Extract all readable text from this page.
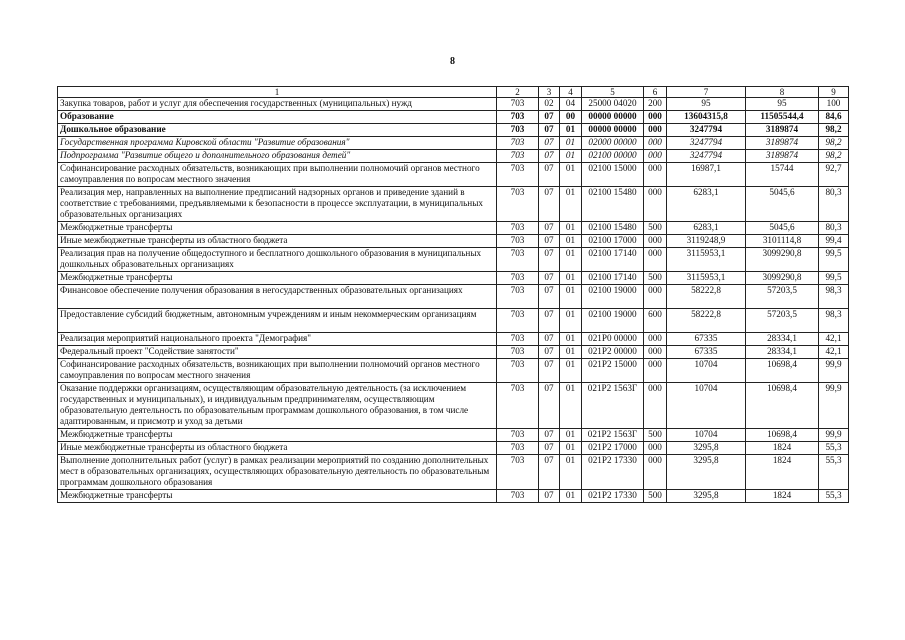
8
1	2	3	4	5	6	7	8	9
Закупка товаров, работ и услуг для обеспечения государственных (муниципальных) нужд	703	02	04	25000 04020	200	95	95	100
Образование	703	07	00	00000 00000	000	13604315,8	11505544,4	84,6
Дошкольное образование	703	07	01	00000 00000	000	3247794	3189874	98,2
Государственная программа Кировской области "Развитие образования"	703	07	01	02000 00000	000	3247794	3189874	98,2
Подпрограмма "Развитие общего и дополнительного образования детей"	703	07	01	02100 00000	000	3247794	3189874	98,2
Софинансирование расходных обязательств, возникающих при выполнении полномочий органов местного самоуправления по вопросам местного значения	703	07	01	02100 15000	000	16987,1	15744	92,7
Реализация мер, направленных на выполнение предписаний надзорных органов и приведение зданий в соответствие с требованиями, предъявляемыми к безопасности в процессе эксплуатации, в муниципальных образовательных организациях	703	07	01	02100 15480	000	6283,1	5045,6	80,3
Межбюджетные трансферты	703	07	01	02100 15480	500	6283,1	5045,6	80,3
Иные межбюджетные трансферты из областного бюджета	703	07	01	02100 17000	000	3119248,9	3101114,8	99,4
Реализация прав на получение общедоступного и бесплатного дошкольного образования в муниципальных дошкольных образовательных организациях	703	07	01	02100 17140	000	3115953,1	3099290,8	99,5
Межбюджетные трансферты	703	07	01	02100 17140	500	3115953,1	3099290,8	99,5
Финансовое обеспечение получения образования в негосударственных образовательных организациях	703	07	01	02100 19000	000	58222,8	57203,5	98,3
Предоставление субсидий бюджетным, автономным учреждениям и иным некоммерческим организациям	703	07	01	02100 19000	600	58222,8	57203,5	98,3
Реализация мероприятий национального проекта "Демография"	703	07	01	021P0 00000	000	67335	28334,1	42,1
Федеральный проект "Содействие занятости"	703	07	01	021P2 00000	000	67335	28334,1	42,1
Софинансирование расходных обязательств, возникающих при выполнении полномочий органов местного самоуправления по вопросам местного значения	703	07	01	021P2 15000	000	10704	10698,4	99,9
Оказание поддержки организациям, осуществляющим образовательную деятельность (за исключением государственных и муниципальных), и индивидуальным предпринимателям, осуществляющим образовательную деятельность по образовательным программам дошкольного образования, в том числе адаптированным, и присмотр и уход за детьми	703	07	01	021P2 1563Г	000	10704	10698,4	99,9
Межбюджетные трансферты	703	07	01	021P2 1563Г	500	10704	10698,4	99,9
Иные межбюджетные трансферты из областного бюджета	703	07	01	021P2 17000	000	3295,8	1824	55,3
Выполнение дополнительных работ (услуг) в рамках реализации мероприятий по созданию дополнительных мест в образовательных организациях, осуществляющих образовательную деятельность по образовательным программам дошкольного образования	703	07	01	021P2 17330	000	3295,8	1824	55,3
Межбюджетные трансферты	703	07	01	021P2 17330	500	3295,8	1824	55,3
